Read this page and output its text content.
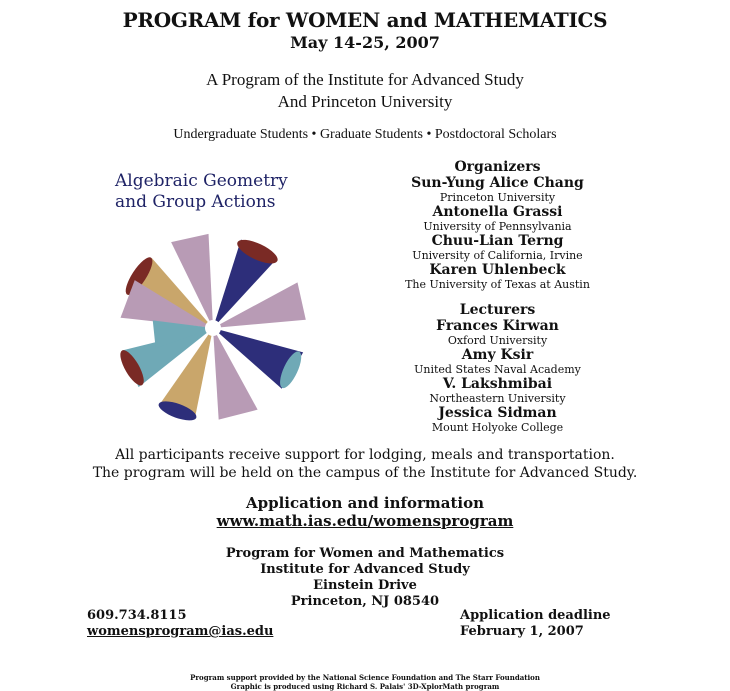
PROGRAM for WOMEN and MATHEMATICS
May 14-25, 2007
A Program of the Institute for Advanced Study
And Princeton University
Undergraduate Students • Graduate Students • Postdoctoral Scholars
Algebraic Geometry
and Group Actions
Organizers
Sun-Yung Alice Chang
Princeton University
Antonella Grassi
University of Pennsylvania
Chuu-Lian Terng
University of California, Irvine
Karen Uhlenbeck
The University of Texas at Austin
Lecturers
Frances Kirwan
Oxford University
Amy Ksir
United States Naval Academy
V. Lakshmibai
Northeastern University
Jessica Sidman
Mount Holyoke College
All participants receive support for lodging, meals and transportation.
The program will be held on the campus of the Institute for Advanced Study.
Application and information
www.math.ias.edu/womensprogram
Program for Women and Mathematics
Institute for Advanced Study
Einstein Drive
Princeton, NJ 08540
609.734.8115
womensprogram@ias.edu
Application deadline
February 1, 2007
Program support provided by the National Science Foundation and The Starr Foundation
Graphic is produced using Richard S. Palais' 3D-XplorMath program
